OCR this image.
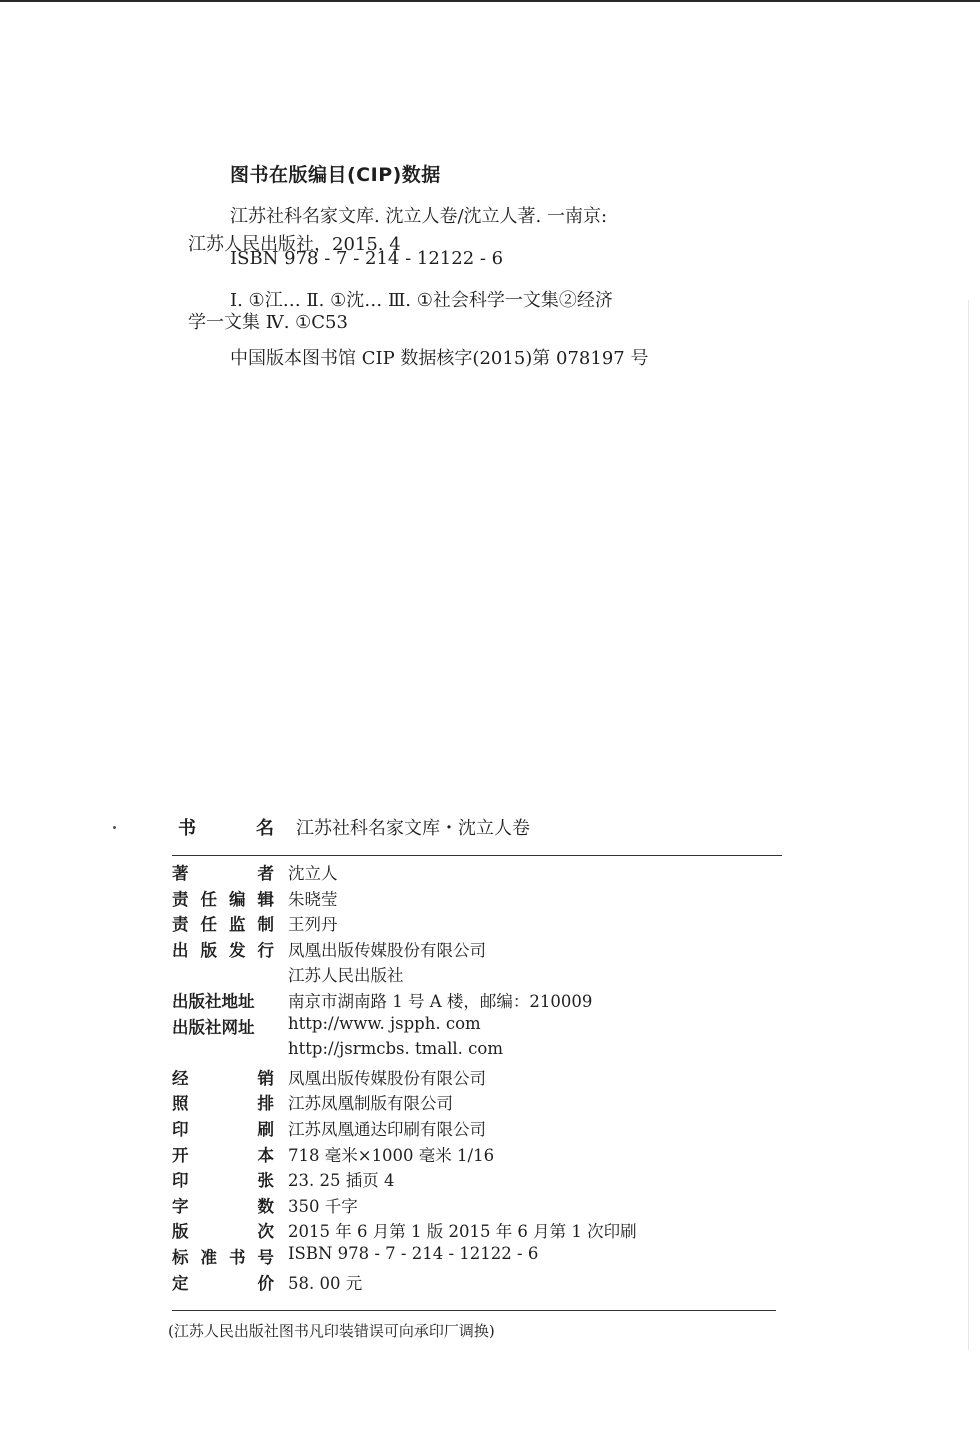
图书在版编目(CIP)数据
江苏社科名家文库. 沈立人卷/沈立人著. 一南京:
江苏人民出版社，2015. 4
ISBN 978 - 7 - 214 - 12122 - 6
Ⅰ. ①江… Ⅱ. ①沈… Ⅲ. ①社会科学一文集②经济
学一文集 Ⅳ. ①C53
中国版本图书馆 CIP 数据核字(2015)第 078197 号
书	名 江苏社科名家文库・沈立人卷
著	者 沈立人
责 任 编 辑 朱晓莹
责 任 监 制 王列丹
出 版 发 行 凤凰出版传媒股份有限公司
江苏人民出版社
出版社地址 南京市湖南路 1 号 A 楼，邮编：210009
出版社网址 http://www. jspph. com
http://jsrmcbs. tmall. com
经	销 凤凰出版传媒股份有限公司
照	排 江苏凤凰制版有限公司
印	刷 江苏凤凰通达印刷有限公司
开	本 718 毫米×1000 毫米 1/16
印	张 23. 25 插页 4
字	数 350 千字
版	次 2015 年 6 月第 1 版 2015 年 6 月第 1 次印刷
标 准 书 号 ISBN 978 - 7 - 214 - 12122 - 6
定	价 58. 00 元
(江苏人民出版社图书凡印装错误可向承印厂调换)
